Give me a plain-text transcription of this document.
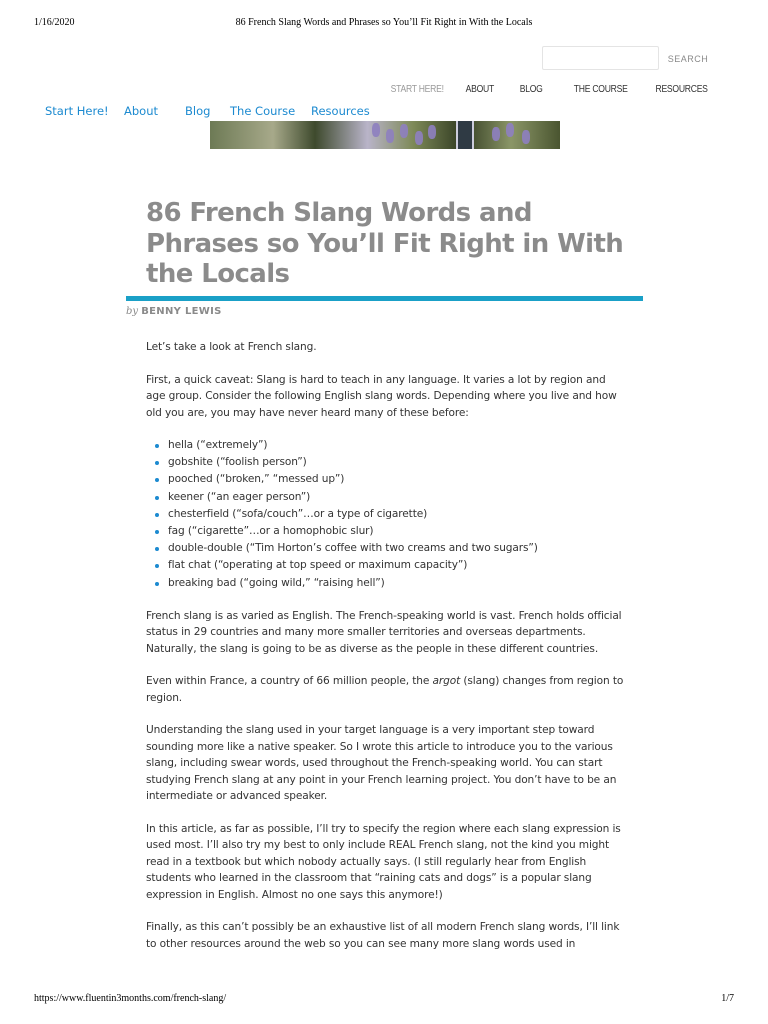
1/16/2020	86 French Slang Words and Phrases so You’ll Fit Right in With the Locals
SEARCH
START HERE! ABOUT	BLOG	THE COURSE	RESOURCES
Start Here! About Blog The Course Resources
86 French Slang Words and Phrases so You’ll Fit Right in With the Locals
by BENNY LEWIS

Let’s take a look at French slang.

First, a quick caveat: Slang is hard to teach in any language. It varies a lot by region and age group. Consider the following English slang words. Depending where you live and how old you are, you may have never heard many of these before:

hella (“extremely”)
gobshite (“foolish person”)
pooched (“broken,” “messed up”)
keener (“an eager person”)
chesterfield (“sofa/couch”…or a type of cigarette)
fag (“cigarette”…or a homophobic slur)
double-double (“Tim Horton’s coffee with two creams and two sugars”)
flat chat (“operating at top speed or maximum capacity”)
breaking bad (“going wild,” “raising hell”)

French slang is as varied as English. The French-speaking world is vast. French holds official status in 29 countries and many more smaller territories and overseas departments. Naturally, the slang is going to be as diverse as the people in these different countries.

Even within France, a country of 66 million people, the argot (slang) changes from region to region.

Understanding the slang used in your target language is a very important step toward sounding more like a native speaker. So I wrote this article to introduce you to the various slang, including swear words, used throughout the French-speaking world. You can start studying French slang at any point in your French learning project. You don’t have to be an intermediate or advanced speaker.

In this article, as far as possible, I’ll try to specify the region where each slang expression is used most. I’ll also try my best to only include REAL French slang, not the kind you might read in a textbook but which nobody actually says. (I still regularly hear from English students who learned in the classroom that “raining cats and dogs” is a popular slang expression in English. Almost no one says this anymore!)

Finally, as this can’t possibly be an exhaustive list of all modern French slang words, I’ll link to other resources around the web so you can see many more slang words used in

https://www.fluentin3months.com/french-slang/	1/7
